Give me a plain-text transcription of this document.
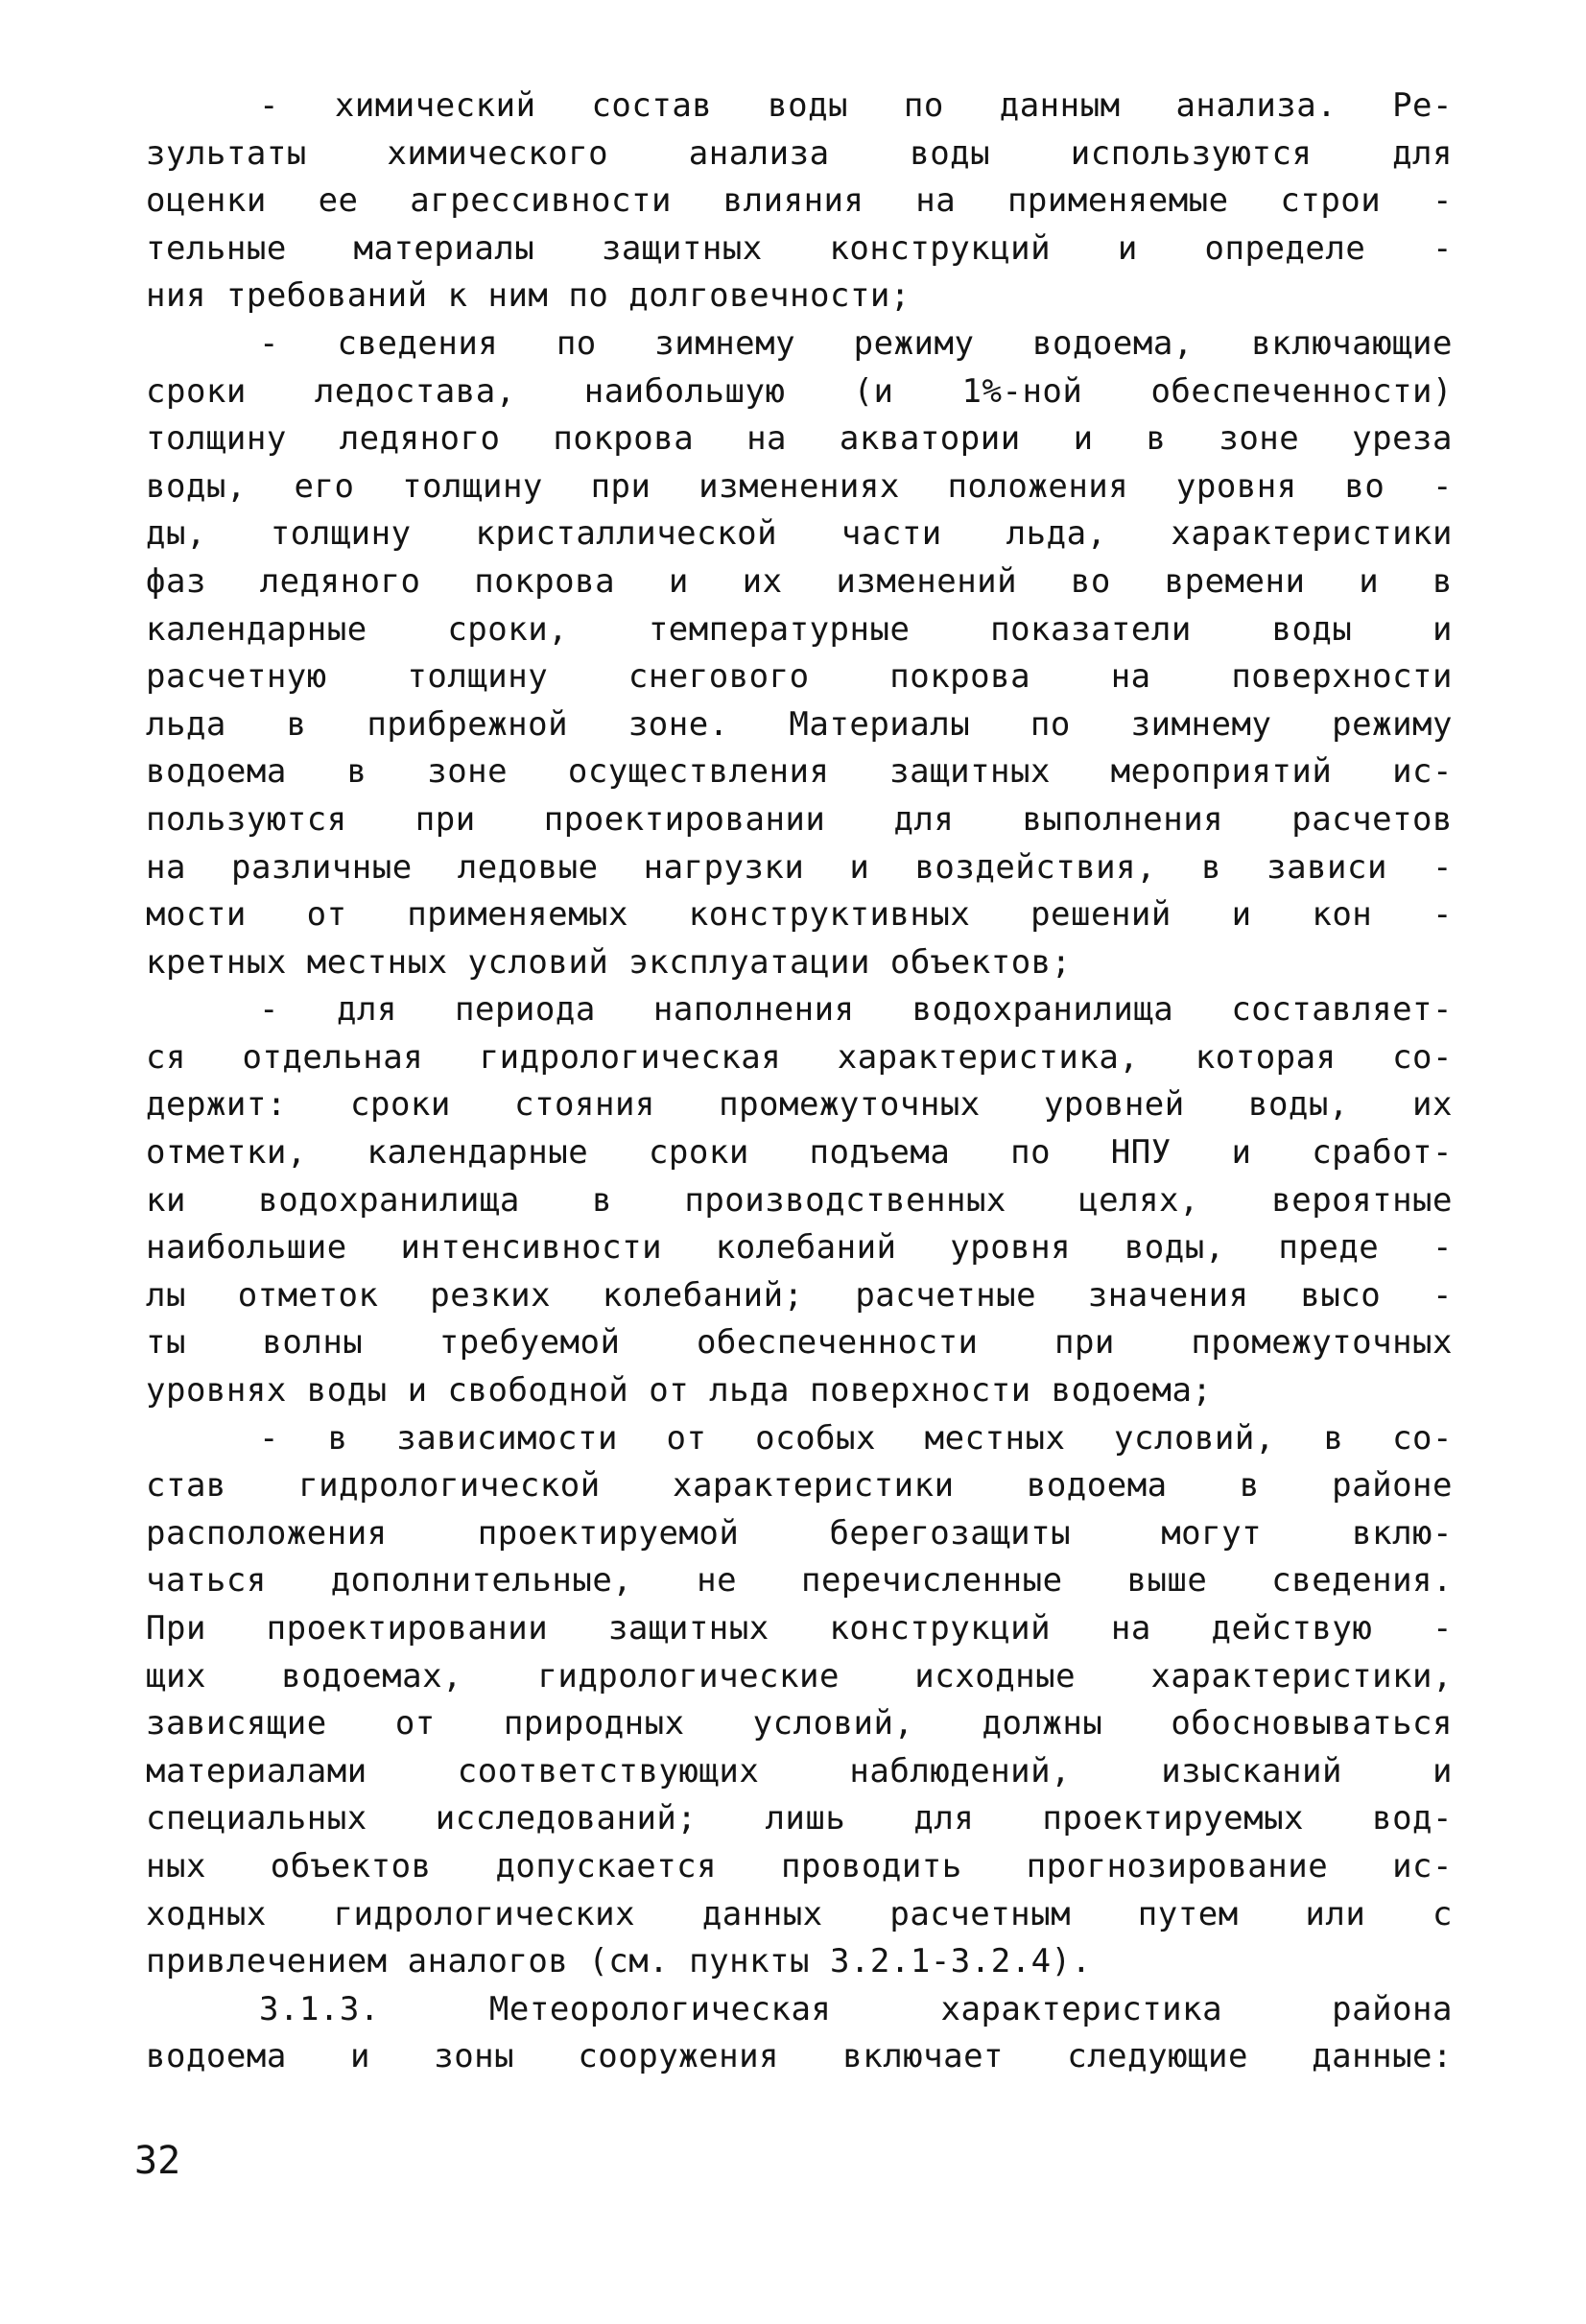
- химический состав воды по данным анализа. Ре-
зультаты химического анализа воды используются для
оценки ее агрессивности влияния на применяемые строи -
тельные материалы защитных конструкций и определе -
ния требований к ним по долговечности;
- сведения по зимнему режиму водоема, включающие
сроки ледостава, наибольшую (и 1%-ной обеспеченности)
толщину ледяного покрова на акватории и в зоне уреза
воды, его толщину при изменениях положения уровня во -
ды, толщину кристаллической части льда, характеристики
фаз ледяного покрова и их изменений во времени и в
календарные сроки, температурные показатели воды и
расчетную толщину снегового покрова на поверхности
льда в прибрежной зоне. Материалы по зимнему режиму
водоема в зоне осуществления защитных мероприятий ис-
пользуются при проектировании для выполнения расчетов
на различные ледовые нагрузки и воздействия, в зависи -
мости от применяемых конструктивных решений и кон -
кретных местных условий эксплуатации объектов;
- для периода наполнения водохранилища составляет-
ся отдельная гидрологическая характеристика, которая со-
держит: сроки стояния промежуточных уровней воды, их
отметки, календарные сроки подъема по НПУ и сработ-
ки водохранилища в производственных целях, вероятные
наибольшие интенсивности колебаний уровня воды, преде -
лы отметок резких колебаний; расчетные значения высо -
ты волны требуемой обеспеченности при промежуточных
уровнях воды и свободной от льда поверхности водоема;
- в зависимости от особых местных условий, в со-
став гидрологической характеристики водоема в районе
расположения проектируемой берегозащиты могут вклю-
чаться дополнительные, не перечисленные выше сведения.
При проектировании защитных конструкций на действую -
щих водоемах, гидрологические исходные характеристики,
зависящие от природных условий, должны обосновываться
материалами соответствующих наблюдений, изысканий и
специальных исследований; лишь для проектируемых вод-
ных объектов допускается проводить прогнозирование ис-
ходных гидрологических данных расчетным путем или с
привлечением аналогов (см. пункты 3.2.1-3.2.4).
3.1.3. Метеорологическая характеристика района
водоема и зоны сооружения включает следующие данные:
32
